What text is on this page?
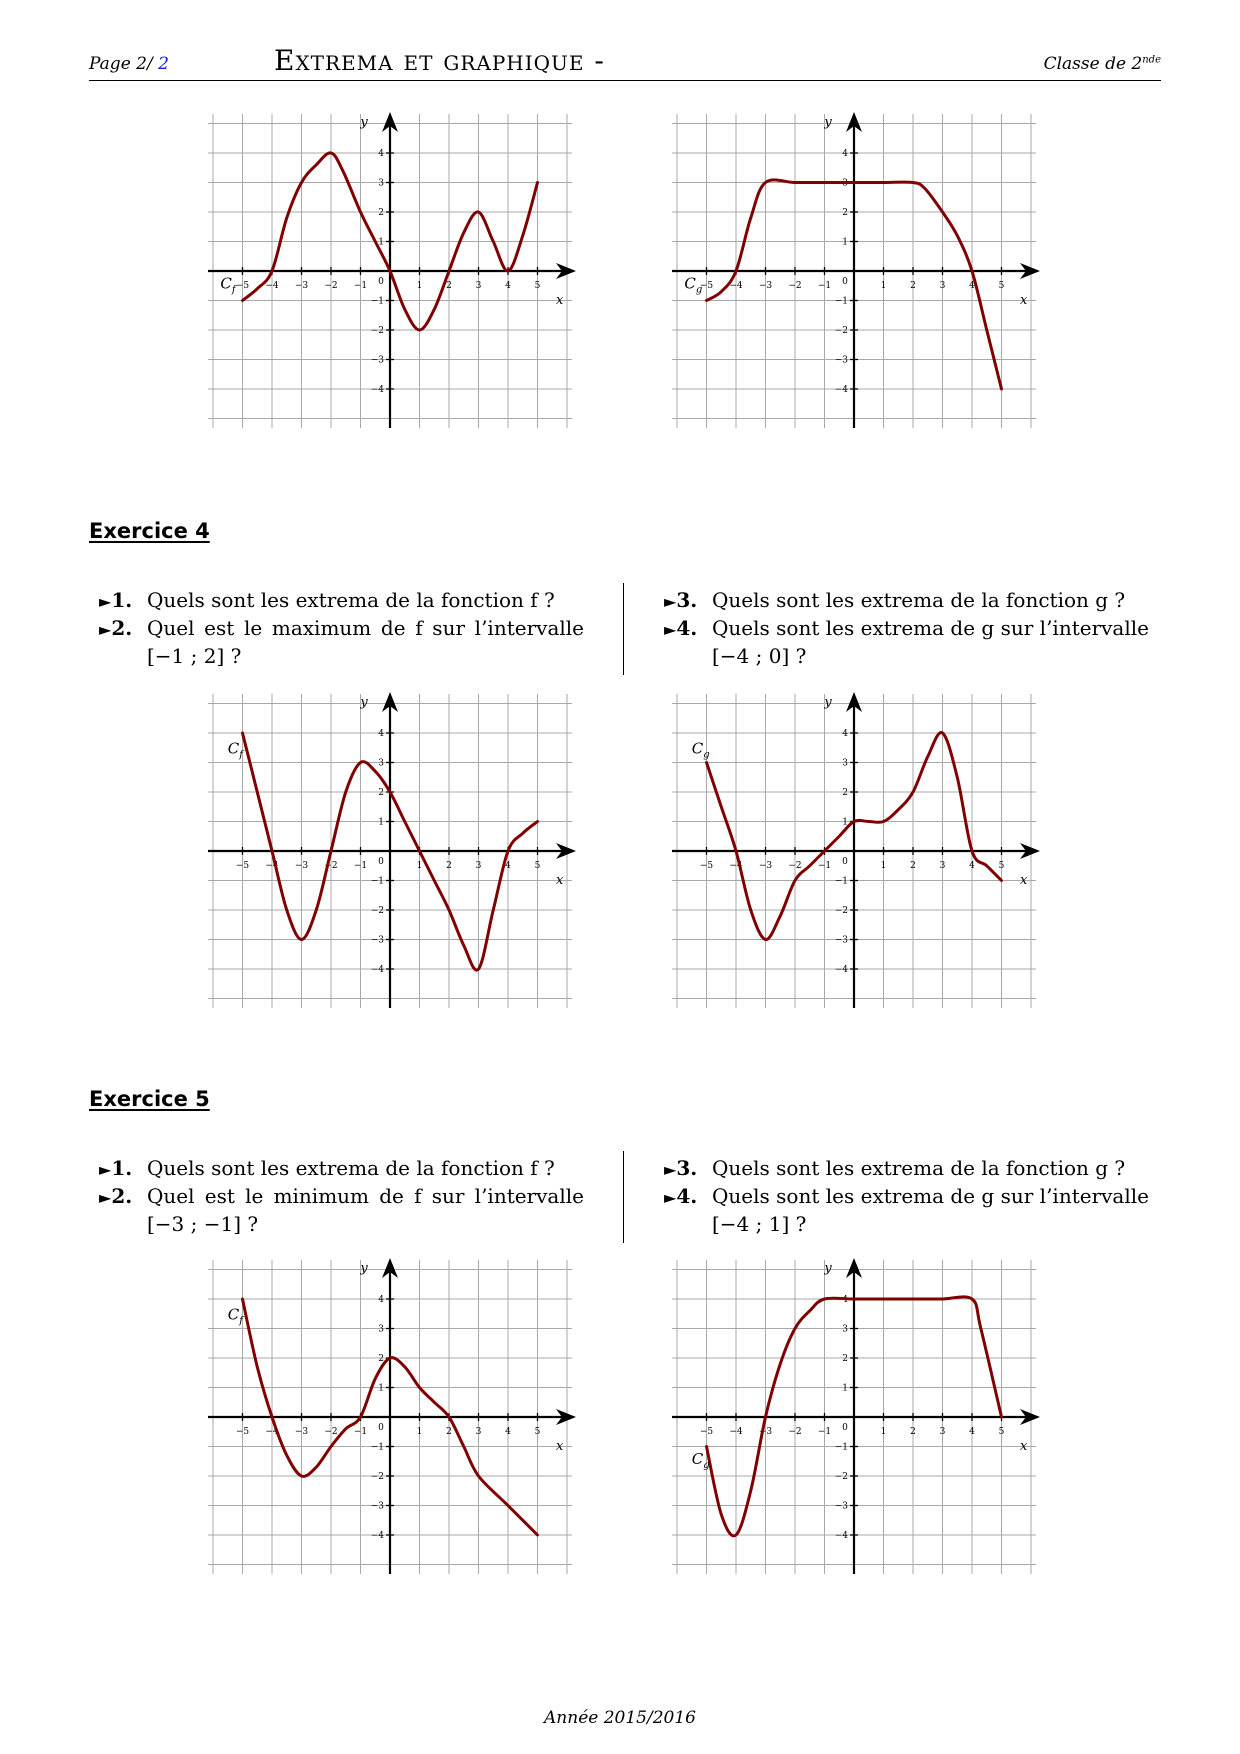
Page 2/ 2	Extrema et graphique -	Classe de 2nde
−5 −4 −3 −2 −1	1	2	3	4	5
−4
−3
−2
−1
1
2
3
4
0
x
y
$C_f$	−5 −4 −3 −2 −1	1	2	3	4	5
−4
−3
−2
−1
1
2
3
4
0
x
y
$C_g$
Exercice 4
►1. Quels sont les extrema de la fonction f ?
►2. Quel est le maximum de f sur l’intervalle [−1 ; 2] ?
►3. Quels sont les extrema de la fonction g ?
►4. Quels sont les extrema de g sur l’intervalle [−4 ; 0] ?
−5 −4 −3 −2 −1	1	2	3	4	5
−4
−3
−2
−1
1
2
3
4
0
x
y
$C_f$
−5 −4 −3 −2 −1	1	2	3	4	5
−4
−3
−2
−1
1
2
3
4
0
x
y
$C_g$
Exercice 5
►1. Quels sont les extrema de la fonction f ?
►2. Quel est le minimum de f sur l’intervalle [−3 ; −1] ?
►3. Quels sont les extrema de la fonction g ?
►4. Quels sont les extrema de g sur l’intervalle [−4 ; 1] ?
−5 −4 −3 −2 −1	1	2	3	4	5
−4
−3
−2
−1
1
2
3
4
0
x
y
$C_f$
−5 −4 −3 −2 −1	1	2	3	4	5
−4
−3
−2
−1
1
2
3
4
0
x
y
$C_g$
Année 2015/2016
